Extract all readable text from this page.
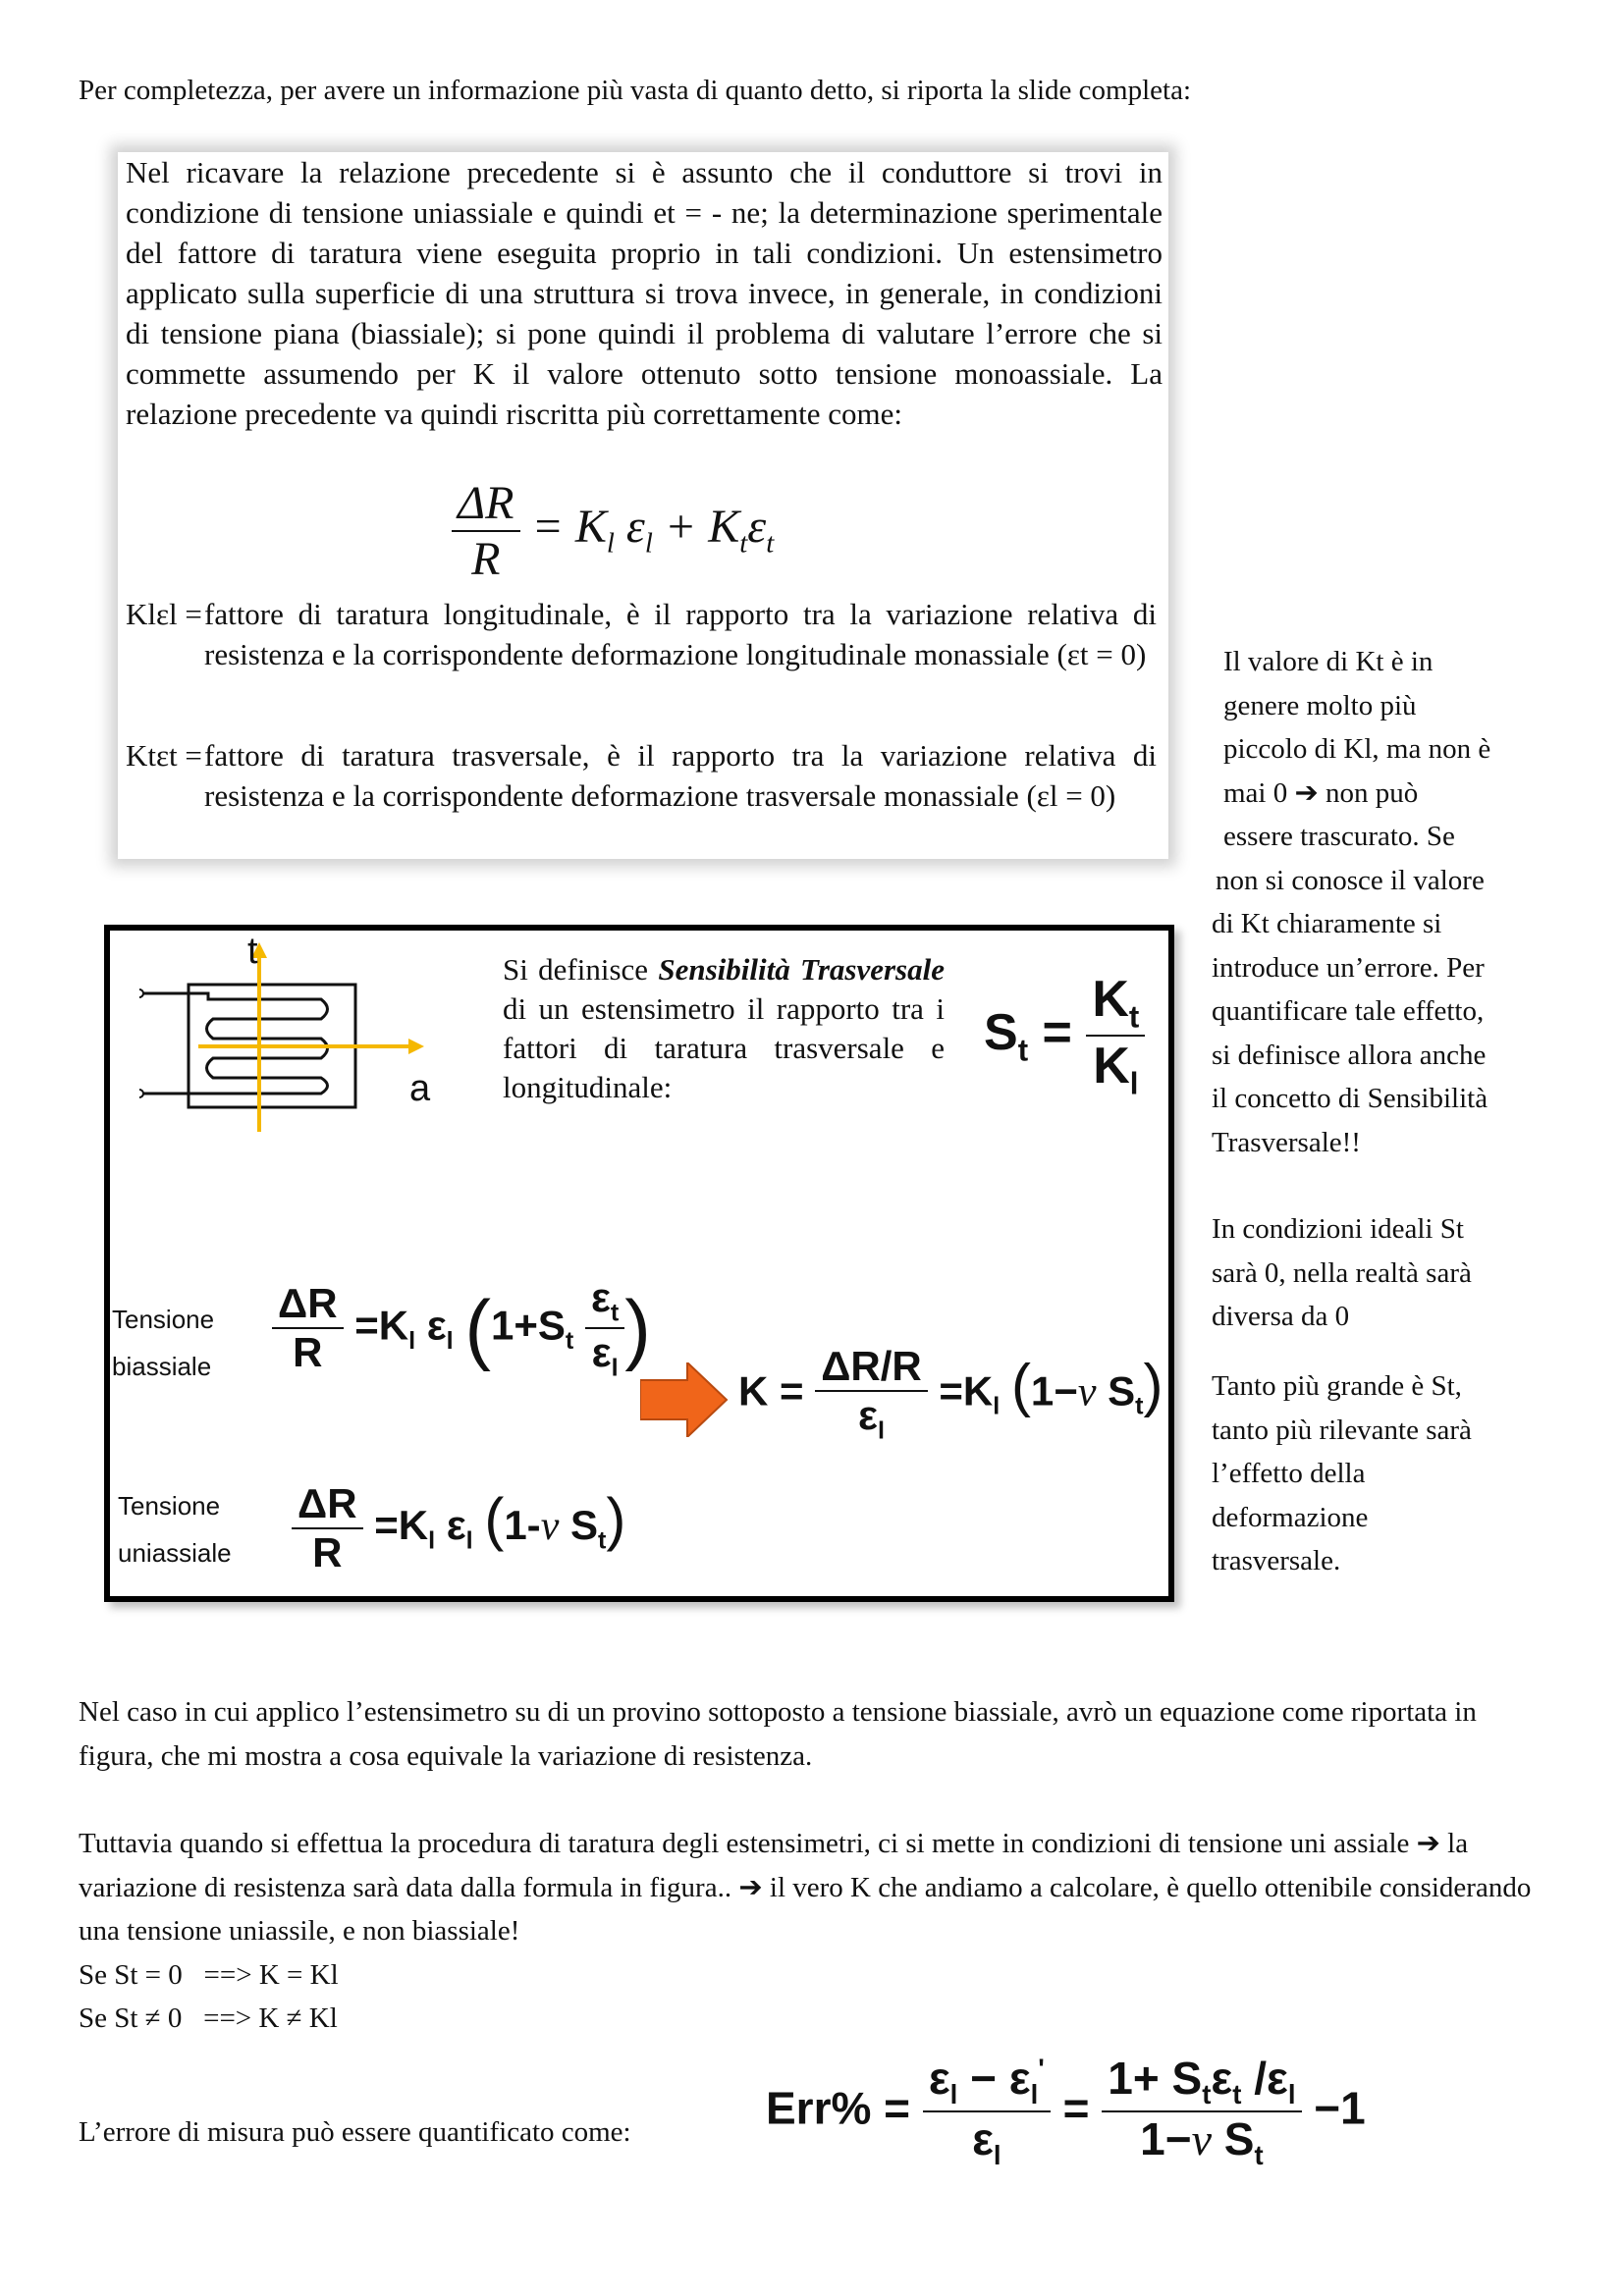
Per completezza, per avere un informazione più vasta di quanto detto, si riporta la slide completa:

Nel ricavare la relazione precedente si è assunto che il conduttore si trovi in condizione di tensione uniassiale e quindi et = - ne; la determinazione sperimentale del fattore di taratura viene eseguita proprio in tali condizioni. Un estensimetro applicato sulla superficie di una struttura si trova invece, in generale, in condizioni di tensione piana (biassiale); si pone quindi il problema di valutare l’errore che si commette assumendo per K il valore ottenuto sotto tensione monoassiale. La relazione precedente va quindi riscritta più correttamente come:

$\frac{\Delta R}{R} = K_l$ $\varepsilon_l + K_t\varepsilon_t$
Klεl = fattore di taratura longitudinale, è il rapporto tra la variazione relativa di resistenza e la corrispondente deformazione longitudinale monassiale (εt = 0)
Ktεt = fattore di taratura trasversale, è il rapporto tra la variazione relativa di resistenza e la corrispondente deformazione trasversale monassiale (εl = 0)
Il valore di Kt è in
genere molto più
piccolo di Kl, ma non è
mai 0 ➔ non può
essere trascurato. Se
non si conosce il valore
di Kt chiaramente si
introduce un’errore. Per
quantificare tale effetto,
si definisce allora anche
il concetto di Sensibilità
Trasversale!!
In condizioni ideali St
sarà 0, nella realtà sarà
diversa da 0
Tanto più grande è St,
tanto più rilevante sarà
l’effetto della
deformazione
trasversale.
t
a
Si definisce Sensibilità Trasversale di un estensimetro il rapporto tra i fattori di taratura trasversale e longitudinale:
$S_t = \frac{K_t}{K_l}$
Tensione
biassiale $\frac{\Delta R}{R} =K_l$ $\varepsilon_l$ ($1+S_t \frac{\varepsilon_t}{\varepsilon_l}$ )
$K = \frac{\Delta R/R}{\varepsilon_l} =K_l$ (1−ν $S_t$)
Tensione
uniassiale $\frac{\Delta R}{R} =K_l$ $\varepsilon_l$ (1-ν $S_t$)

Nel caso in cui applico l’estensimetro su di un provino sottoposto a tensione biassiale, avrò un equazione come riportata in figura, che mi mostra a cosa equivale la variazione di resistenza.

Tuttavia quando si effettua la procedura di taratura degli estensimetri, ci si mette in condizioni di tensione uni assiale ➔ la variazione di resistenza sarà data dalla formula in figura.. ➔ il vero K che andiamo a calcolare, è quello ottenibile considerando una tensione uniassile, e non biassiale!

Se St = 0   ==> K = Kl

Se St ≠ 0   ==> K ≠ Kl

L’errore di misura può essere quantificato come:	$Err\% = \frac{\varepsilon_l - \varepsilon_l'}{\varepsilon_l} = \frac{1+ S_t\varepsilon_t /\varepsilon_l}{1-\nu S_t} -1$
